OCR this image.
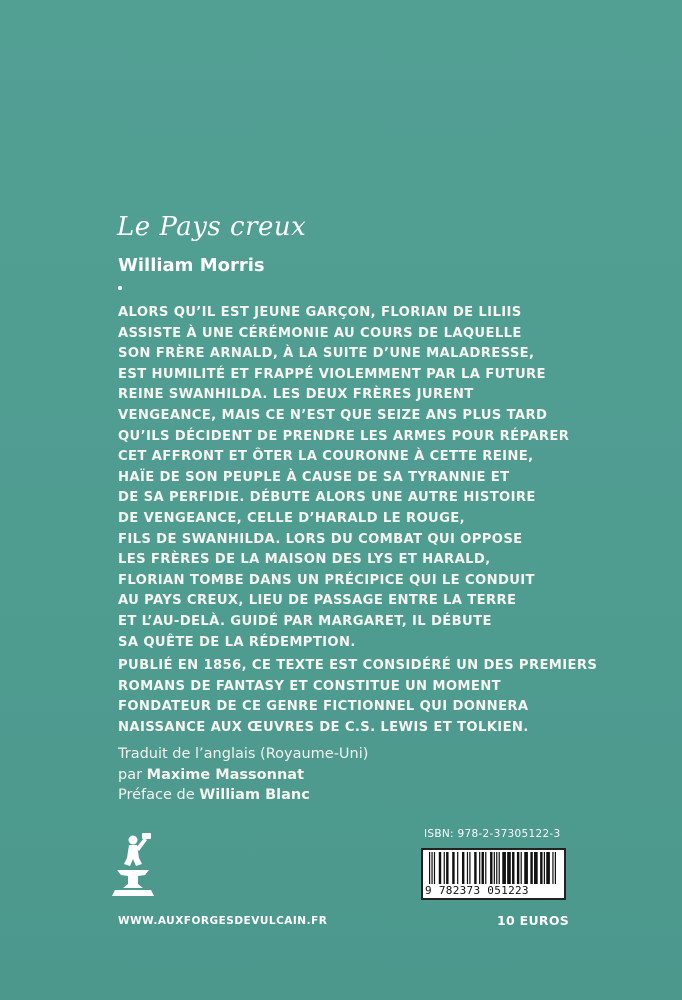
Le Pays creux
William Morris
ALORS QU’IL EST JEUNE GARÇON, FLORIAN DE LILIIS
ASSISTE À UNE CÉRÉMONIE AU COURS DE LAQUELLE
SON FRÈRE ARNALD, À LA SUITE D’UNE MALADRESSE,
EST HUMILITÉ ET FRAPPÉ VIOLEMMENT PAR LA FUTURE
REINE SWANHILDA. LES DEUX FRÈRES JURENT
VENGEANCE, MAIS CE N’EST QUE SEIZE ANS PLUS TARD
QU’ILS DÉCIDENT DE PRENDRE LES ARMES POUR RÉPARER
CET AFFRONT ET ÔTER LA COURONNE À CETTE REINE,
HAÏE DE SON PEUPLE À CAUSE DE SA TYRANNIE ET
DE SA PERFIDIE. DÉBUTE ALORS UNE AUTRE HISTOIRE
DE VENGEANCE, CELLE D’HARALD LE ROUGE,
FILS DE SWANHILDA. LORS DU COMBAT QUI OPPOSE
LES FRÈRES DE LA MAISON DES LYS ET HARALD,
FLORIAN TOMBE DANS UN PRÉCIPICE QUI LE CONDUIT
AU PAYS CREUX, LIEU DE PASSAGE ENTRE LA TERRE
ET L’AU-DELÀ. GUIDÉ PAR MARGARET, IL DÉBUTE
SA QUÊTE DE LA RÉDEMPTION.
PUBLIÉ EN 1856, CE TEXTE EST CONSIDÉRÉ UN DES PREMIERS
ROMANS DE FANTASY ET CONSTITUE UN MOMENT
FONDATEUR DE CE GENRE FICTIONNEL QUI DONNERA
NAISSANCE AUX ŒUVRES DE C.S. LEWIS ET TOLKIEN.
Traduit de l’anglais (Royaume-Uni)
par Maxime Massonnat
Préface de William Blanc
ISBN: 978-2-37305122-3
9 782373 051223
WWW.AUXFORGESDEVULCAIN.FR	10 EUROS
